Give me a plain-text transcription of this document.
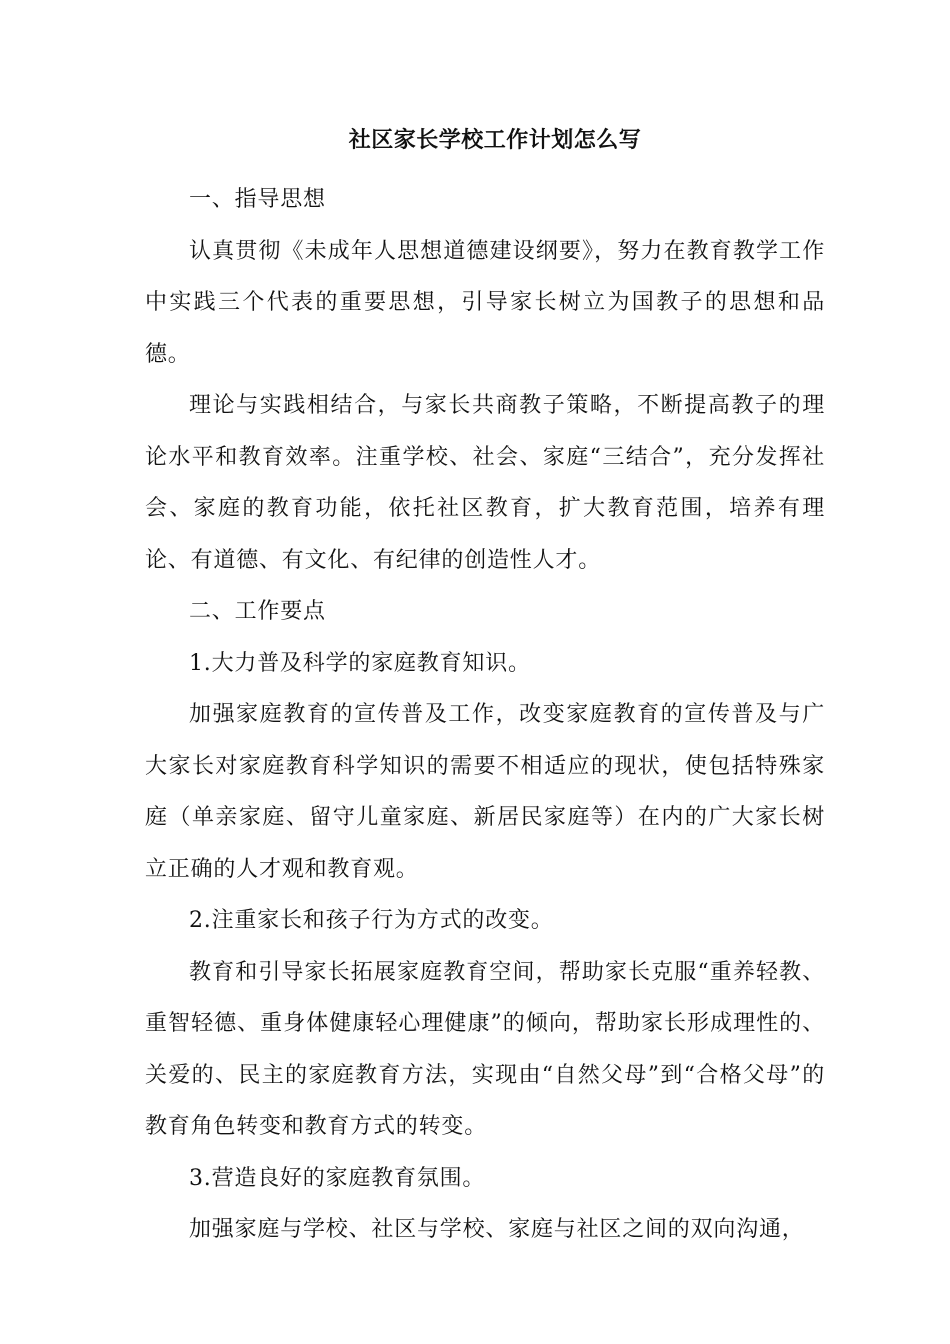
社区家长学校工作计划怎么写

一、指导思想

认真贯彻《未成年人思想道德建设纲要》，努力在教育教学工作中实践三个代表的重要思想，引导家长树立为国教子的思想和品德。

理论与实践相结合，与家长共商教子策略，不断提高教子的理论水平和教育效率。注重学校、社会、家庭“三结合”，充分发挥社会、家庭的教育功能，依托社区教育，扩大教育范围，培养有理论、有道德、有文化、有纪律的创造性人才。

二、工作要点

1.大力普及科学的家庭教育知识。

加强家庭教育的宣传普及工作，改变家庭教育的宣传普及与广大家长对家庭教育科学知识的需要不相适应的现状，使包括特殊家庭（单亲家庭、留守儿童家庭、新居民家庭等）在内的广大家长树立正确的人才观和教育观。

2.注重家长和孩子行为方式的改变。

教育和引导家长拓展家庭教育空间，帮助家长克服“重养轻教、重智轻德、重身体健康轻心理健康”的倾向，帮助家长形成理性的、关爱的、民主的家庭教育方法，实现由“自然父母”到“合格父母”的教育角色转变和教育方式的转变。

3.营造良好的家庭教育氛围。

加强家庭与学校、社区与学校、家庭与社区之间的双向沟通，
